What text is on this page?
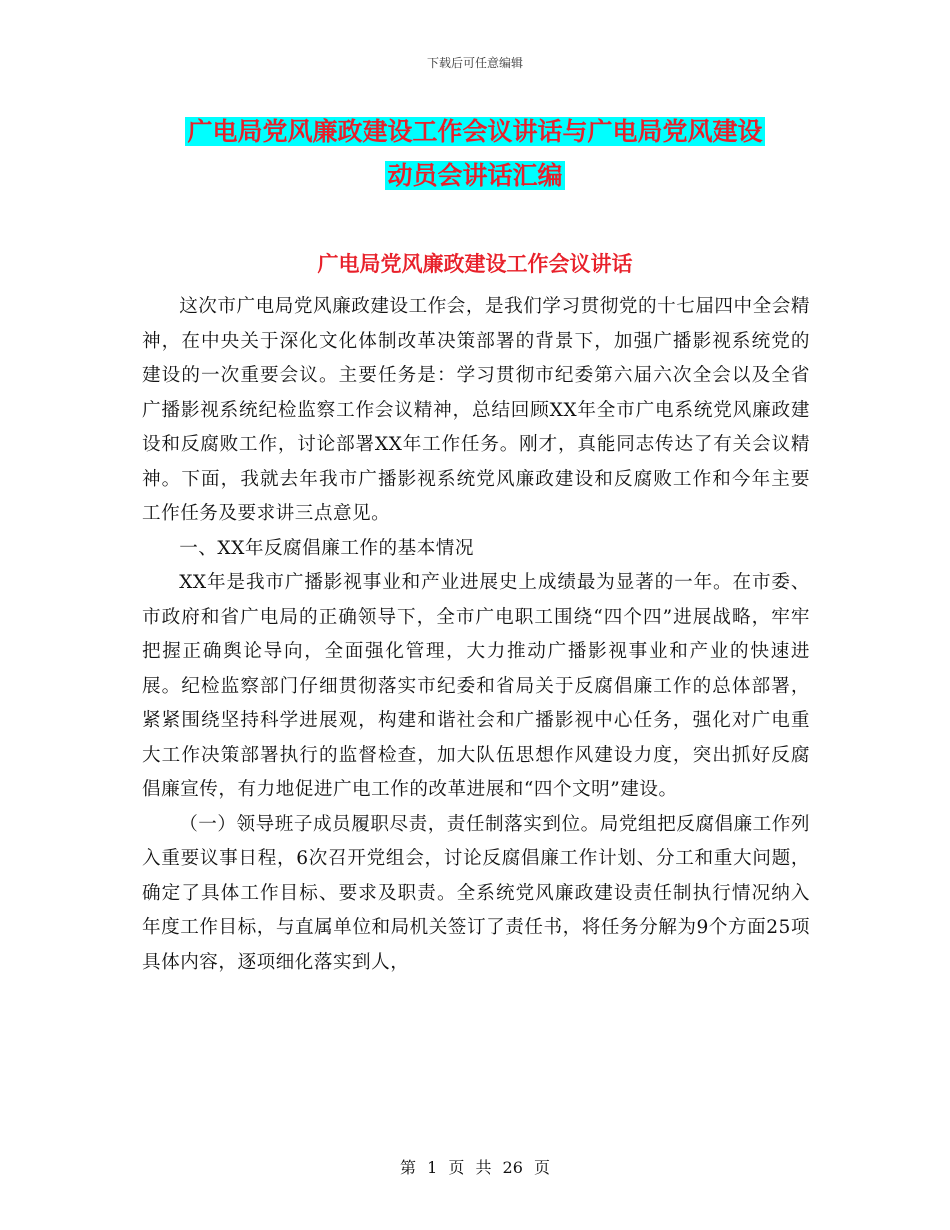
下载后可任意编辑
广电局党风廉政建设工作会议讲话与广电局党风建设
动员会讲话汇编
广电局党风廉政建设工作会议讲话

这次市广电局党风廉政建设工作会，是我们学习贯彻党的十七届四中全会精神，在中央关于深化文化体制改革决策部署的背景下，加强广播影视系统党的建设的一次重要会议。主要任务是：学习贯彻市纪委第六届六次全会以及全省广播影视系统纪检监察工作会议精神，总结回顾XX年全市广电系统党风廉政建设和反腐败工作，讨论部署XX年工作任务。刚才，真能同志传达了有关会议精神。下面，我就去年我市广播影视系统党风廉政建设和反腐败工作和今年主要工作任务及要求讲三点意见。

一、XX年反腐倡廉工作的基本情况

XX年是我市广播影视事业和产业进展史上成绩最为显著的一年。在市委、市政府和省广电局的正确领导下，全市广电职工围绕“四个四”进展战略，牢牢把握正确舆论导向，全面强化管理，大力推动广播影视事业和产业的快速进展。纪检监察部门仔细贯彻落实市纪委和省局关于反腐倡廉工作的总体部署，紧紧围绕坚持科学进展观，构建和谐社会和广播影视中心任务，强化对广电重大工作决策部署执行的监督检查，加大队伍思想作风建设力度，突出抓好反腐倡廉宣传，有力地促进广电工作的改革进展和“四个文明”建设。

（一）领导班子成员履职尽责，责任制落实到位。局党组把反腐倡廉工作列入重要议事日程，6次召开党组会，讨论反腐倡廉工作计划、分工和重大问题，确定了具体工作目标、要求及职责。全系统党风廉政建设责任制执行情况纳入年度工作目标，与直属单位和局机关签订了责任书，将任务分解为9个方面25项具体内容，逐项细化落实到人，

第 1 页 共 26 页
